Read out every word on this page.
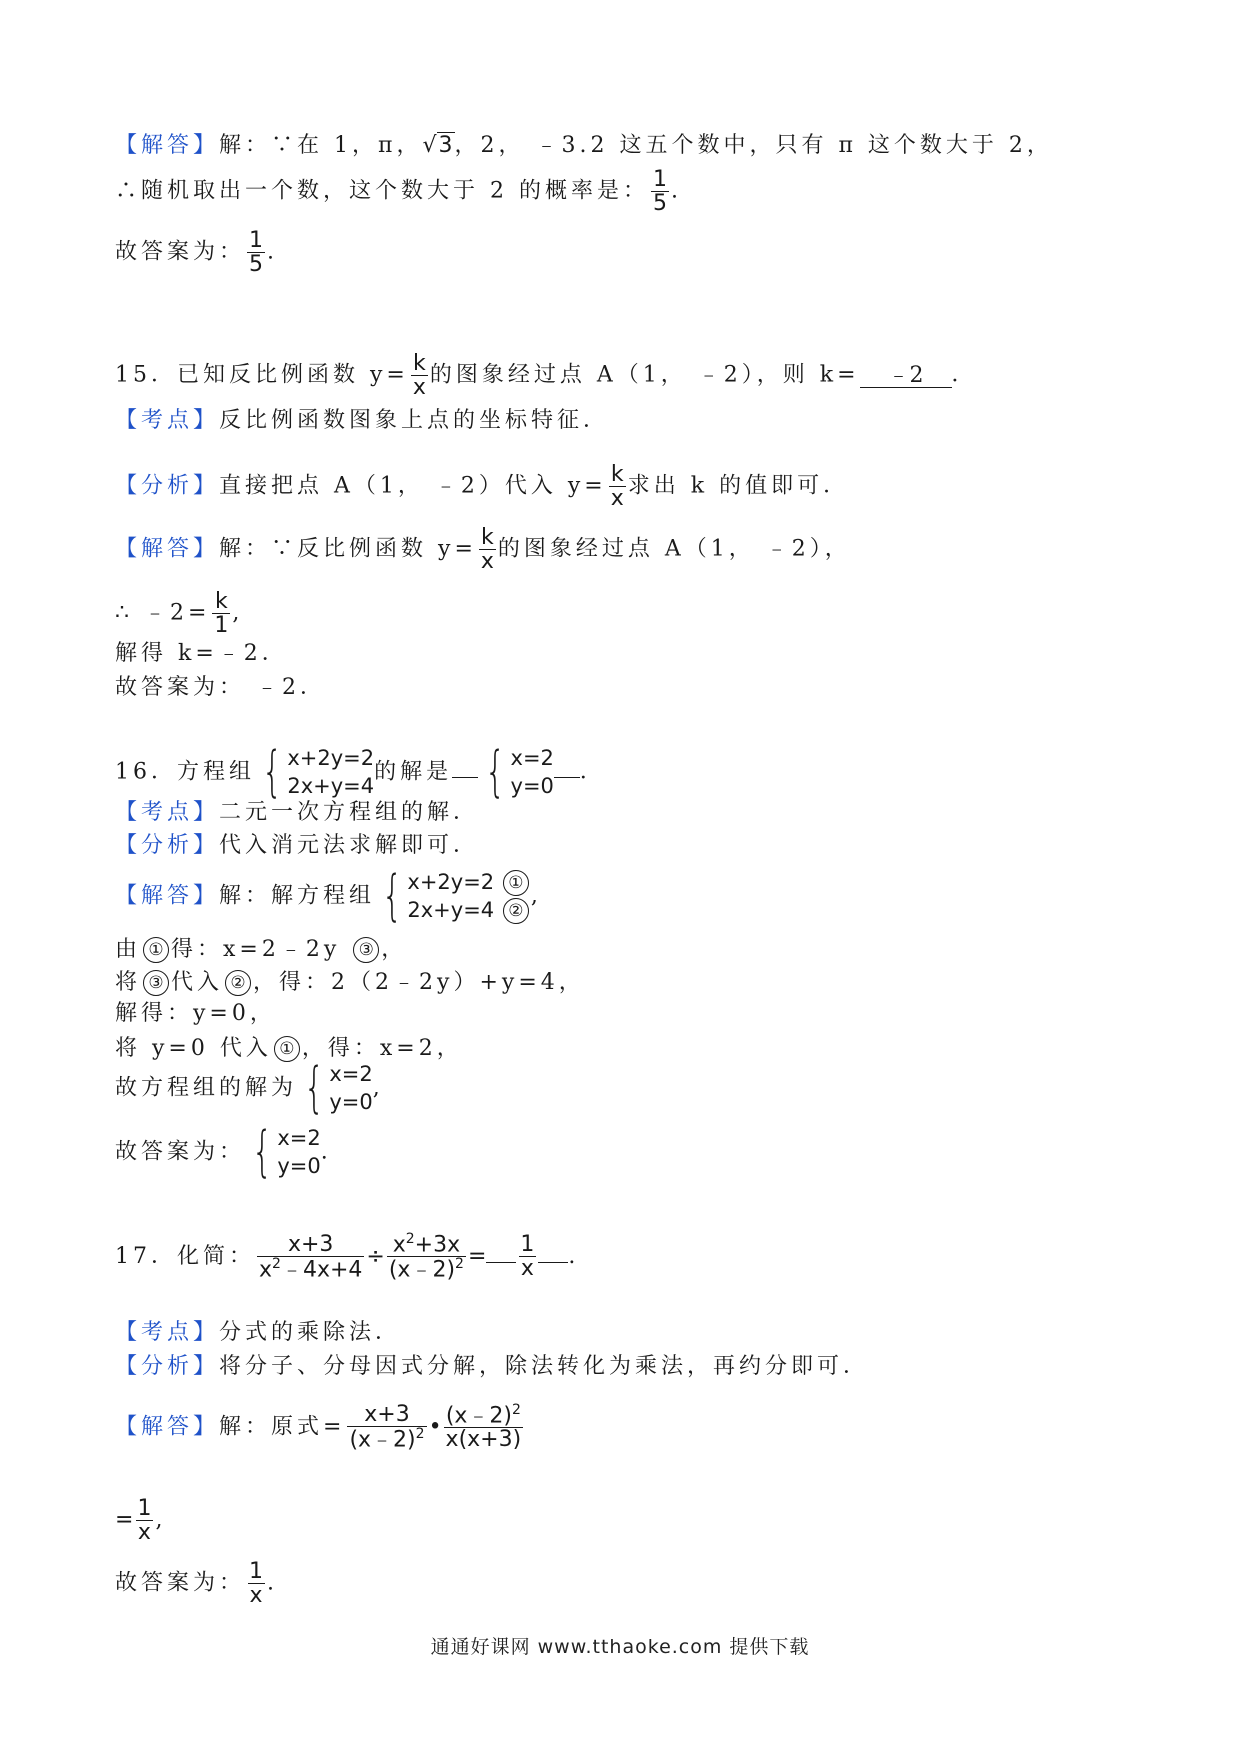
【解答】解：∵在 1，π，√3，2， ﹣3.2 这五个数中，只有 π 这个数大于 2，
∴随机取出一个数，这个数大于 2 的概率是： $\frac{1}{5}$ .
故答案为： $\frac{1}{5}$ .
15．已知反比例函数 $y= \frac{k}{x}$ 的图象经过点 A（1， ﹣2），则 k= ﹣2 ．
【考点】反比例函数图象上点的坐标特征．
【分析】直接把点 A（1， ﹣2）代入 $y= \frac{k}{x}$ 求出 k 的值即可．
【解答】解：∵反比例函数 $y= \frac{k}{x}$ 的图象经过点 A（1， ﹣2），
∴ ﹣2= $\frac{k}{1}$ ,
解得 k=﹣2．
故答案为： ﹣2．
16．方程组 { x+2y=2
2x+y=4
的解是 { x=2
y=0
．
【考点】二元一次方程组的解．
【分析】代入消元法求解即可．
【解答】解：解方程组 { x+2y=2 ①
2x+y=4 ②
,
由 ① 得：x=2﹣2y ③ ，
将 ③ 代入 ② ，得：2（2﹣2y）+y=4，
解得：y=0，
将 y=0 代入 ① ，得：x=2，
故方程组的解为 { x=2
y=0
,
故答案为： { x=2
y=0
.
17．化简： $\frac{x+3}{x^2﹣4x+4} \div \frac{x^2+3x}{(x﹣2)^2} = \frac{1}{x}$ .
【考点】分式的乘除法．
【分析】将分子、分母因式分解，除法转化为乘法，再约分即可．
【解答】解：原式= $\frac{x+3}{(x﹣2)^2}$ • $\frac{(x﹣2)^2}{x(x+3)}$
= $\frac{1}{x}$ ,
故答案为： $\frac{1}{x}$ .
通通好课网 www.tthaoke.com 提供下载
